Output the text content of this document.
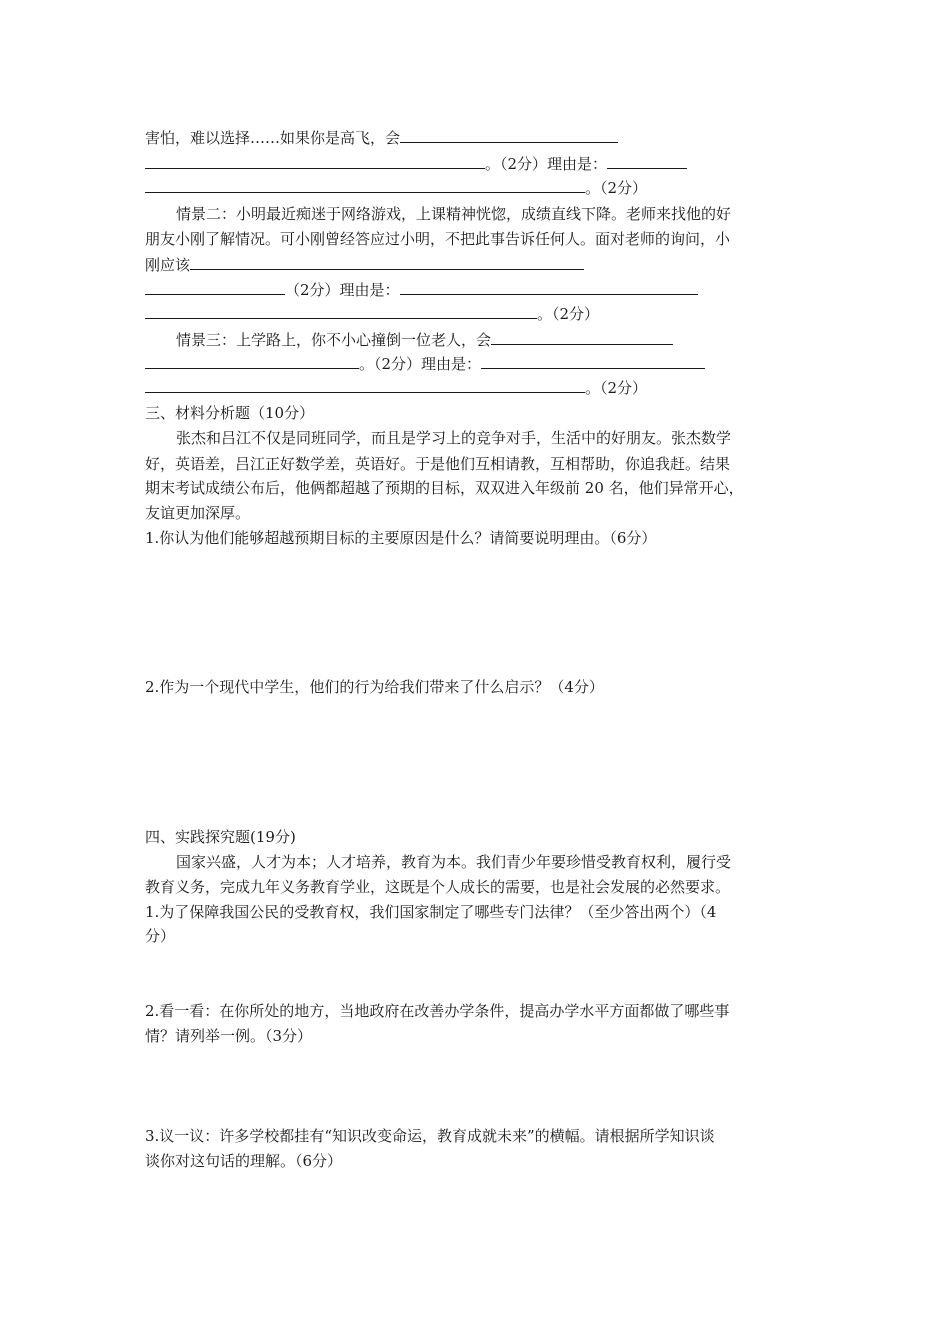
害怕，难以选择……如果你是高飞，会
。（2分）理由是：
。（2分）
情景二：小明最近痴迷于网络游戏，上课精神恍惚，成绩直线下降。老师来找他的好
朋友小刚了解情况。可小刚曾经答应过小明，不把此事告诉任何人。面对老师的询问，小
刚应该
（2分）理由是：
。（2分）
情景三：上学路上，你不小心撞倒一位老人，会
。（2分）理由是：
。（2分）
三、材料分析题（10分）
张杰和吕江不仅是同班同学，而且是学习上的竞争对手，生活中的好朋友。张杰数学
好，英语差，吕江正好数学差，英语好。于是他们互相请教，互相帮助，你追我赶。结果
期末考试成绩公布后，他俩都超越了预期的目标，双双进入年级前 20 名，他们异常开心，
友谊更加深厚。
1.你认为他们能够超越预期目标的主要原因是什么？请简要说明理由。（6分）
2.作为一个现代中学生，他们的行为给我们带来了什么启示？（4分）
四、实践探究题(19分)
国家兴盛，人才为本；人才培养，教育为本。我们青少年要珍惜受教育权利，履行受
教育义务，完成九年义务教育学业，这既是个人成长的需要，也是社会发展的必然要求。
1.为了保障我国公民的受教育权，我们国家制定了哪些专门法律？（至少答出两个）（4
分）
2.看一看：在你所处的地方，当地政府在改善办学条件，提高办学水平方面都做了哪些事
情？请列举一例。（3分）
3.议一议：许多学校都挂有“知识改变命运，教育成就未来”的横幅。请根据所学知识谈
谈你对这句话的理解。（6分）
